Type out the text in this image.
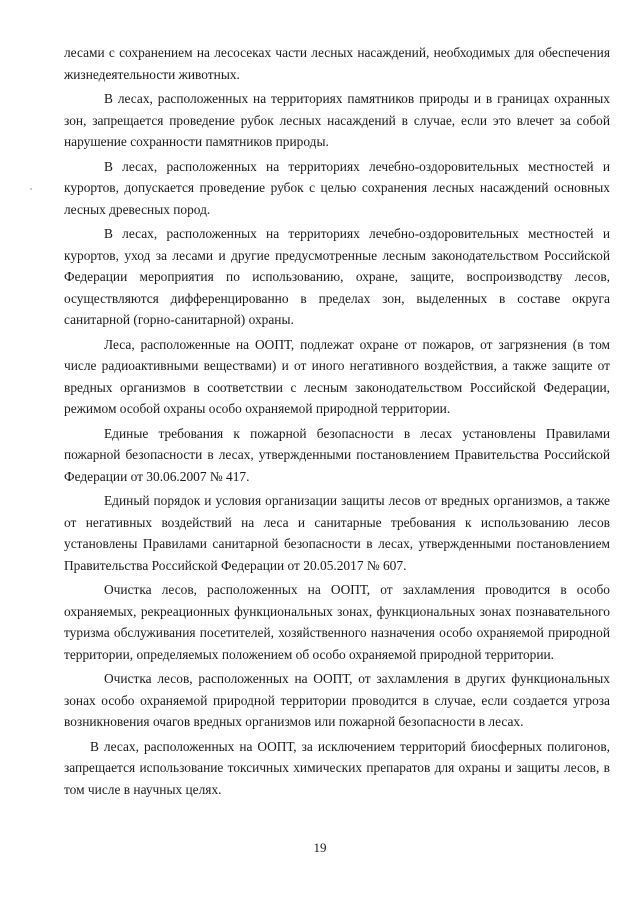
лесами с сохранением на лесосеках части лесных насаждений, необходимых для обеспечения жизнедеятельности животных.

В лесах, расположенных на территориях памятников природы и в границах охранных зон, запрещается проведение рубок лесных насаждений в случае, если это влечет за собой нарушение сохранности памятников природы.

В лесах, расположенных на территориях лечебно-оздоровительных местностей и курортов, допускается проведение рубок с целью сохранения лесных насаждений основных лесных древесных пород.

В лесах, расположенных на территориях лечебно-оздоровительных местностей и курортов, уход за лесами и другие предусмотренные лесным законодательством Российской Федерации мероприятия по использованию, охране, защите, воспроизводству лесов, осуществляются дифференцированно в пределах зон, выделенных в составе округа санитарной (горно-санитарной) охраны.

Леса, расположенные на ООПТ, подлежат охране от пожаров, от загрязнения (в том числе радиоактивными веществами) и от иного негативного воздействия, а также защите от вредных организмов в соответствии с лесным законодательством Российской Федерации, режимом особой охраны особо охраняемой природной территории.

Единые требования к пожарной безопасности в лесах установлены Правилами пожарной безопасности в лесах, утвержденными постановлением Правительства Российской Федерации от 30.06.2007 № 417.

Единый порядок и условия организации защиты лесов от вредных организмов, а также от негативных воздействий на леса и санитарные требования к использованию лесов установлены Правилами санитарной безопасности в лесах, утвержденными постановлением Правительства Российской Федерации от 20.05.2017 № 607.

Очистка лесов, расположенных на ООПТ, от захламления проводится в особо охраняемых, рекреационных функциональных зонах, функциональных зонах познавательного туризма обслуживания посетителей, хозяйственного назначения особо охраняемой природной территории, определяемых положением об особо охраняемой природной территории.

Очистка лесов, расположенных на ООПТ, от захламления в других функциональных зонах особо охраняемой природной территории проводится в случае, если создается угроза возникновения очагов вредных организмов или пожарной безопасности в лесах.

В лесах, расположенных на ООПТ, за исключением территорий биосферных полигонов, запрещается использование токсичных химических препаратов для охраны и защиты лесов, в том числе в научных целях.

19
